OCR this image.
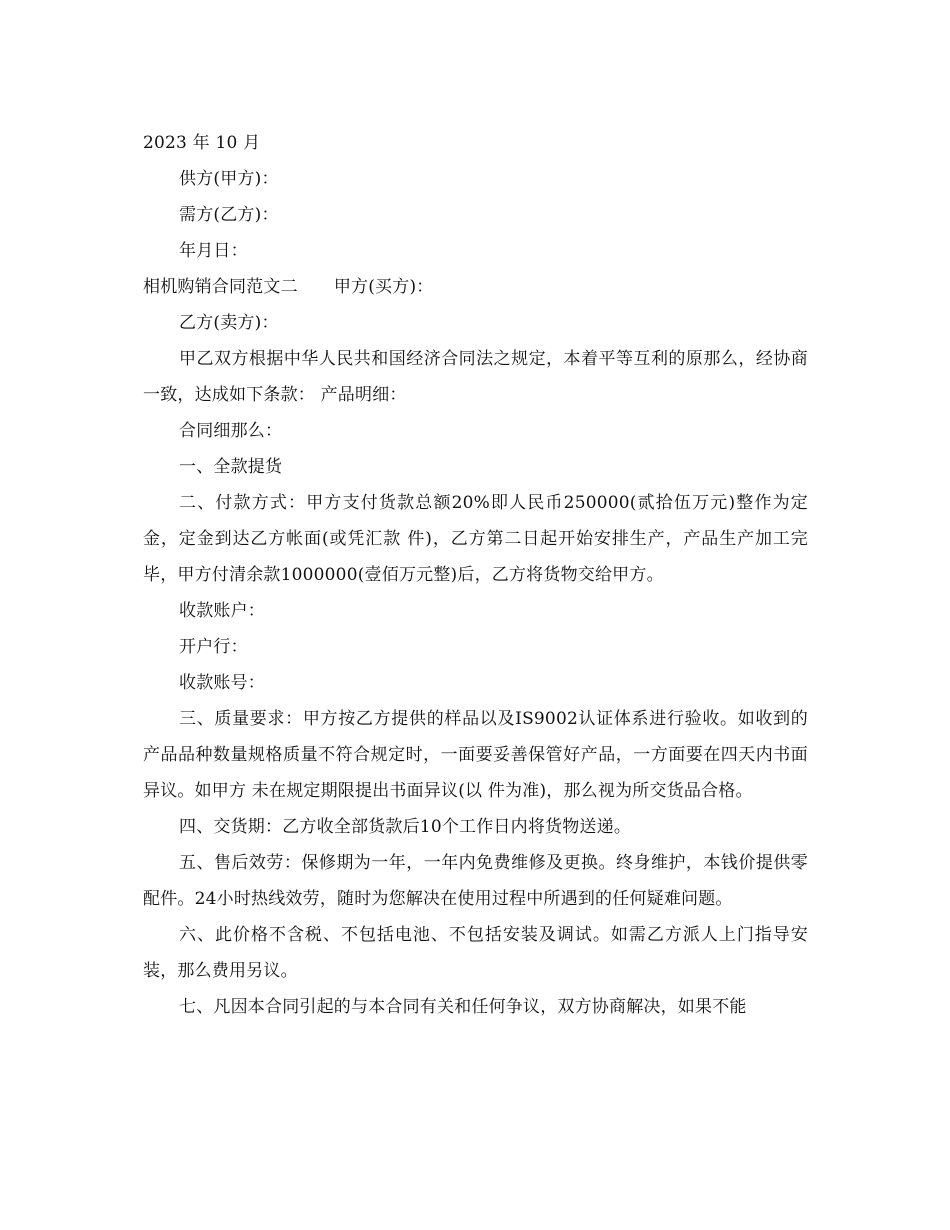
2023 年 10 月
供方(甲方)：
需方(乙方)：
年月日：
相机购销合同范文二 甲方(买方)：
乙方(卖方)：
甲乙双方根据中华人民共和国经济合同法之规定，本着平等互利的原那么，经协商一致，达成如下条款： 产品明细：
合同细那么：
一、全款提货
二、付款方式：甲方支付货款总额20%即人民币250000(贰拾伍万元)整作为定金，定金到达乙方帐面(或凭汇款 件)，乙方第二日起开始安排生产，产品生产加工完毕，甲方付清余款1000000(壹佰万元整)后，乙方将货物交给甲方。
收款账户：
开户行：
收款账号：
三、质量要求：甲方按乙方提供的样品以及IS9002认证体系进行验收。如收到的产品品种数量规格质量不符合规定时，一面要妥善保管好产品，一方面要在四天内书面异议。如甲方 未在规定期限提出书面异议(以 件为准)，那么视为所交货品合格。
四、交货期：乙方收全部货款后10个工作日内将货物送递。
五、售后效劳：保修期为一年，一年内免费维修及更换。终身维护，本钱价提供零配件。24小时热线效劳，随时为您解决在使用过程中所遇到的任何疑难问题。
六、此价格不含税、不包括电池、不包括安装及调试。如需乙方派人上门指导安装，那么费用另议。
七、凡因本合同引起的与本合同有关和任何争议，双方协商解决，如果不能
